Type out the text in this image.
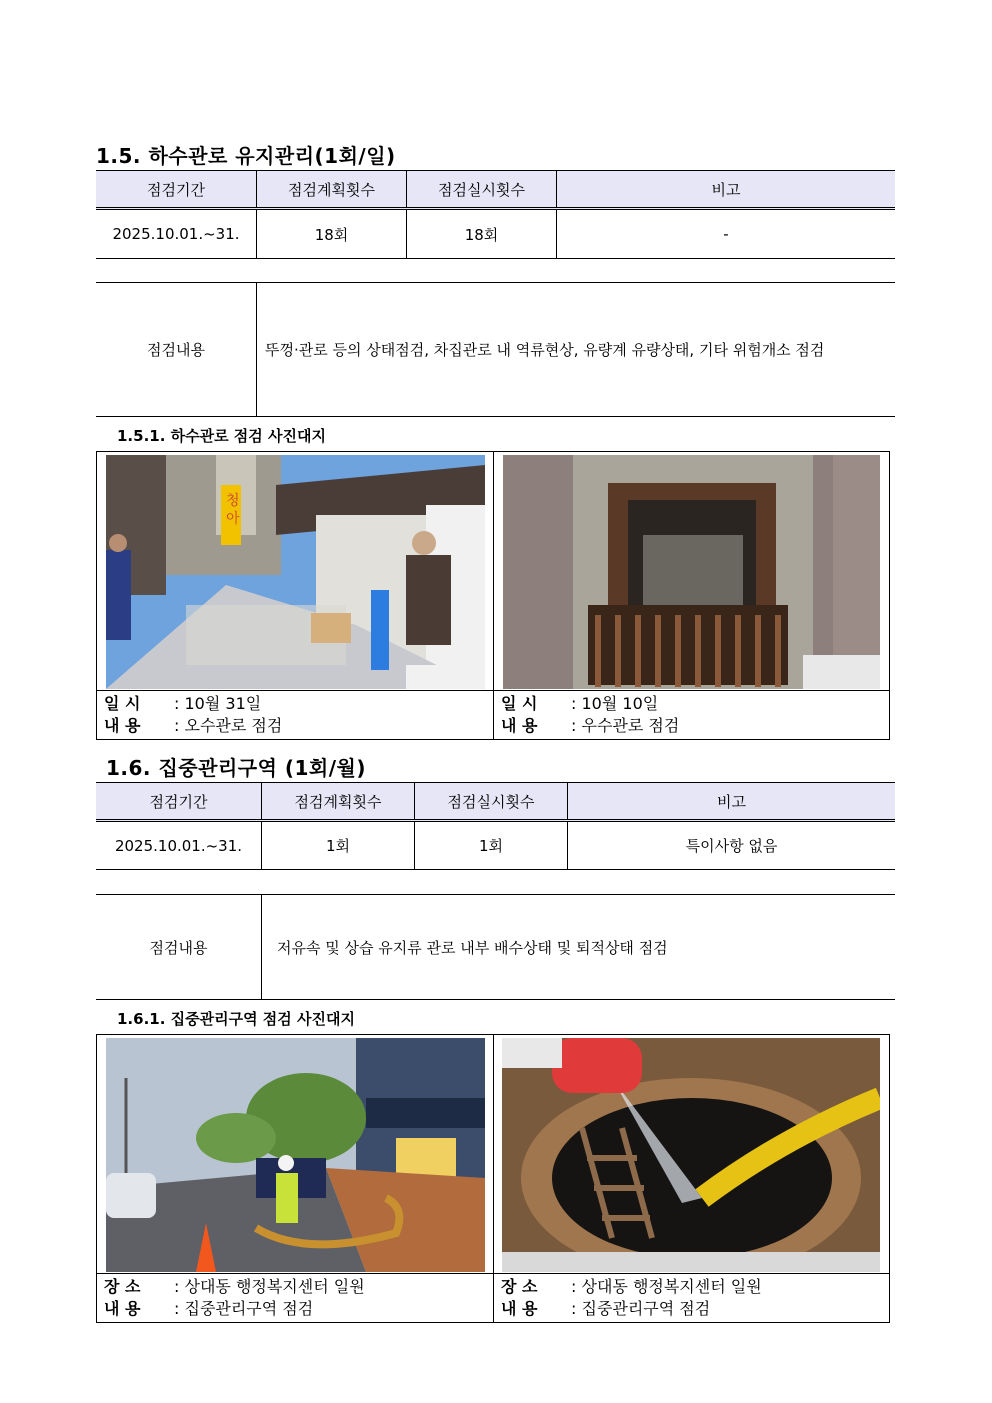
1.5. 하수관로 유지관리(1회/일)
점검기간	점검계획횟수	점검실시횟수	비고
2025.10.01.~31.	18회	18회	-
점검내용	뚜껑·관로 등의 상태점검, 차집관로 내 역류현상, 유량계 유량상태, 기타 위험개소 점검
1.5.1. 하수관로 점검 사진대지
청
아
일 시 : 10월 31일
내 용 : 오수관로 점검
일 시 : 10월 10일
내 용 : 우수관로 점검
1.6. 집중관리구역 (1회/월)
점검기간	점검계획횟수	점검실시횟수	비고
2025.10.01.~31.	1회	1회	특이사항 없음
점검내용	저유속 및 상습 유지류 관로 내부 배수상태 및 퇴적상태 점검
1.6.1. 집중관리구역 점검 사진대지
장 소 : 상대동 행정복지센터 일원
내 용 : 집중관리구역 점검
장 소 : 상대동 행정복지센터 일원
내 용 : 집중관리구역 점검
